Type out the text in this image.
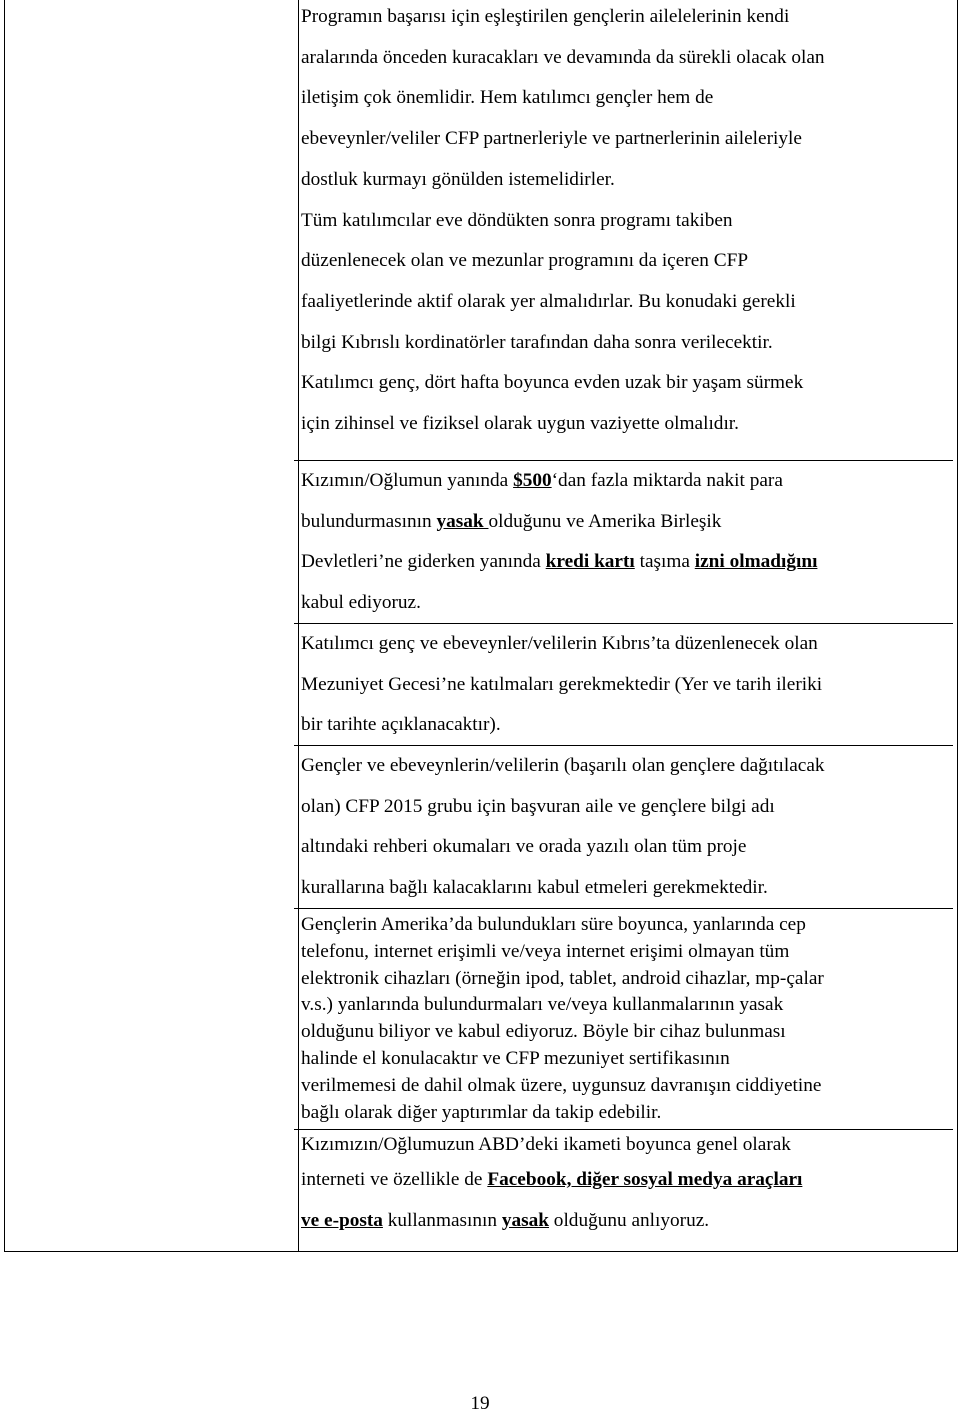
Programın başarısı için eşleştirilen gençlerin ailelelerinin kendi
aralarında önceden kuracakları ve devamında da sürekli olacak olan
iletişim çok önemlidir. Hem katılımcı gençler hem de
ebeveynler/veliler CFP partnerleriyle ve partnerlerinin aileleriyle
dostluk kurmayı gönülden istemelidirler.

Tüm katılımcılar eve döndükten sonra programı takiben
düzenlenecek olan ve mezunlar programını da içeren CFP
faaliyetlerinde aktif olarak yer almalıdırlar. Bu konudaki gerekli
bilgi Kıbrıslı kordinatörler tarafından daha sonra verilecektir.

Katılımcı genç, dört hafta boyunca evden uzak bir yaşam sürmek
için zihinsel ve fiziksel olarak uygun vaziyette olmalıdır.

Kızımın/Oğlumun yanında $500‘dan fazla miktarda nakit para
bulundurmasının yasak olduğunu ve Amerika Birleşik
Devletleri’ne giderken yanında kredi kartı taşıma izni olmadığını
kabul ediyoruz.

Katılımcı genç ve ebeveynler/velilerin Kıbrıs’ta düzenlenecek olan
Mezuniyet Gecesi’ne katılmaları gerekmektedir (Yer ve tarih ileriki
bir tarihte açıklanacaktır).

Gençler ve ebeveynlerin/velilerin (başarılı olan gençlere dağıtılacak
olan) CFP 2015 grubu için başvuran aile ve gençlere bilgi adı
altındaki rehberi okumaları ve orada yazılı olan tüm proje
kurallarına bağlı kalacaklarını kabul etmeleri gerekmektedir.

Gençlerin Amerika’da bulundukları süre boyunca, yanlarında cep
telefonu, internet erişimli ve/veya internet erişimi olmayan tüm
elektronik cihazları (örneğin ipod, tablet, android cihazlar, mp-çalar
v.s.) yanlarında bulundurmaları ve/veya kullanmalarının yasak
olduğunu biliyor ve kabul ediyoruz. Böyle bir cihaz bulunması
halinde el konulacaktır ve CFP mezuniyet sertifikasının
verilmemesi de dahil olmak üzere, uygunsuz davranışın ciddiyetine
bağlı olarak diğer yaptırımlar da takip edebilir.

Kızımızın/Oğlumuzun ABD’deki ikameti boyunca genel olarak
interneti ve özellikle de Facebook, diğer sosyal medya araçları
ve e-posta kullanmasının yasak olduğunu anlıyoruz.

19
